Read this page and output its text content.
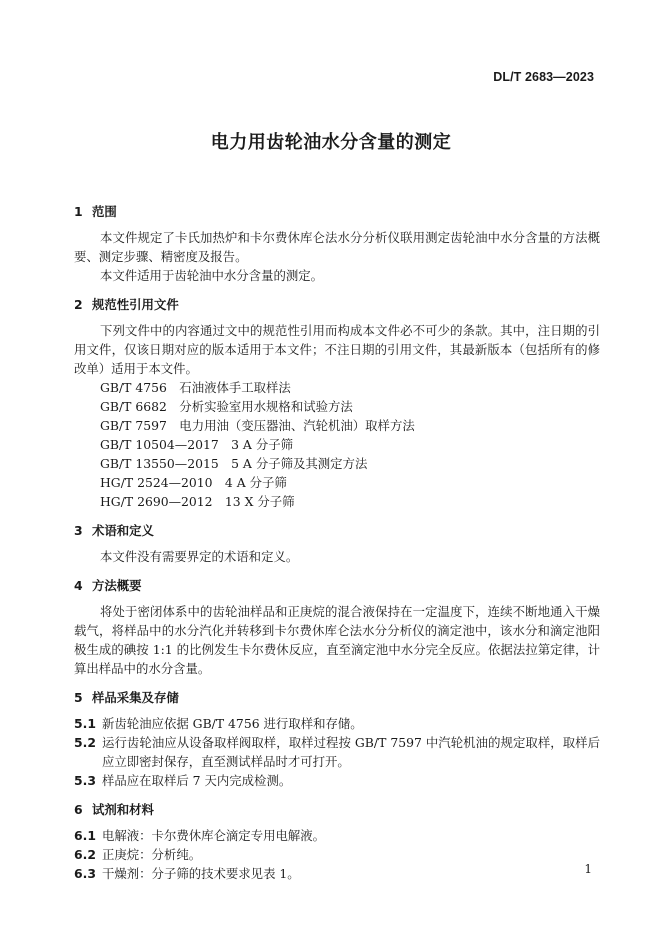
DL/T 2683—2023
电力用齿轮油水分含量的测定
1 范围
本文件规定了卡氏加热炉和卡尔费休库仑法水分分析仪联用测定齿轮油中水分含量的方法概要、测定步骤、精密度及报告。
本文件适用于齿轮油中水分含量的测定。
2 规范性引用文件
下列文件中的内容通过文中的规范性引用而构成本文件必不可少的条款。其中，注日期的引用文件，仅该日期对应的版本适用于本文件；不注日期的引用文件，其最新版本（包括所有的修改单）适用于本文件。
GB/T 4756　石油液体手工取样法
GB/T 6682　分析实验室用水规格和试验方法
GB/T 7597　电力用油（变压器油、汽轮机油）取样方法
GB/T 10504—2017　3 A 分子筛
GB/T 13550—2015　5 A 分子筛及其测定方法
HG/T 2524—2010　4 A 分子筛
HG/T 2690—2012　13 X 分子筛
3 术语和定义
本文件没有需要界定的术语和定义。
4 方法概要
将处于密闭体系中的齿轮油样品和正庚烷的混合液保持在一定温度下，连续不断地通入干燥载气，将样品中的水分汽化并转移到卡尔费休库仑法水分分析仪的滴定池中，该水分和滴定池阳极生成的碘按 1:1 的比例发生卡尔费休反应，直至滴定池中水分完全反应。依据法拉第定律，计算出样品中的水分含量。
5 样品采集及存储
5.1 新齿轮油应依据 GB/T 4756 进行取样和存储。
5.2 运行齿轮油应从设备取样阀取样，取样过程按 GB/T 7597 中汽轮机油的规定取样，取样后应立即密封保存，直至测试样品时才可打开。
5.3 样品应在取样后 7 天内完成检测。
6 试剂和材料
6.1 电解液：卡尔费休库仑滴定专用电解液。
6.2 正庚烷：分析纯。
6.3 干燥剂：分子筛的技术要求见表 1。	1
